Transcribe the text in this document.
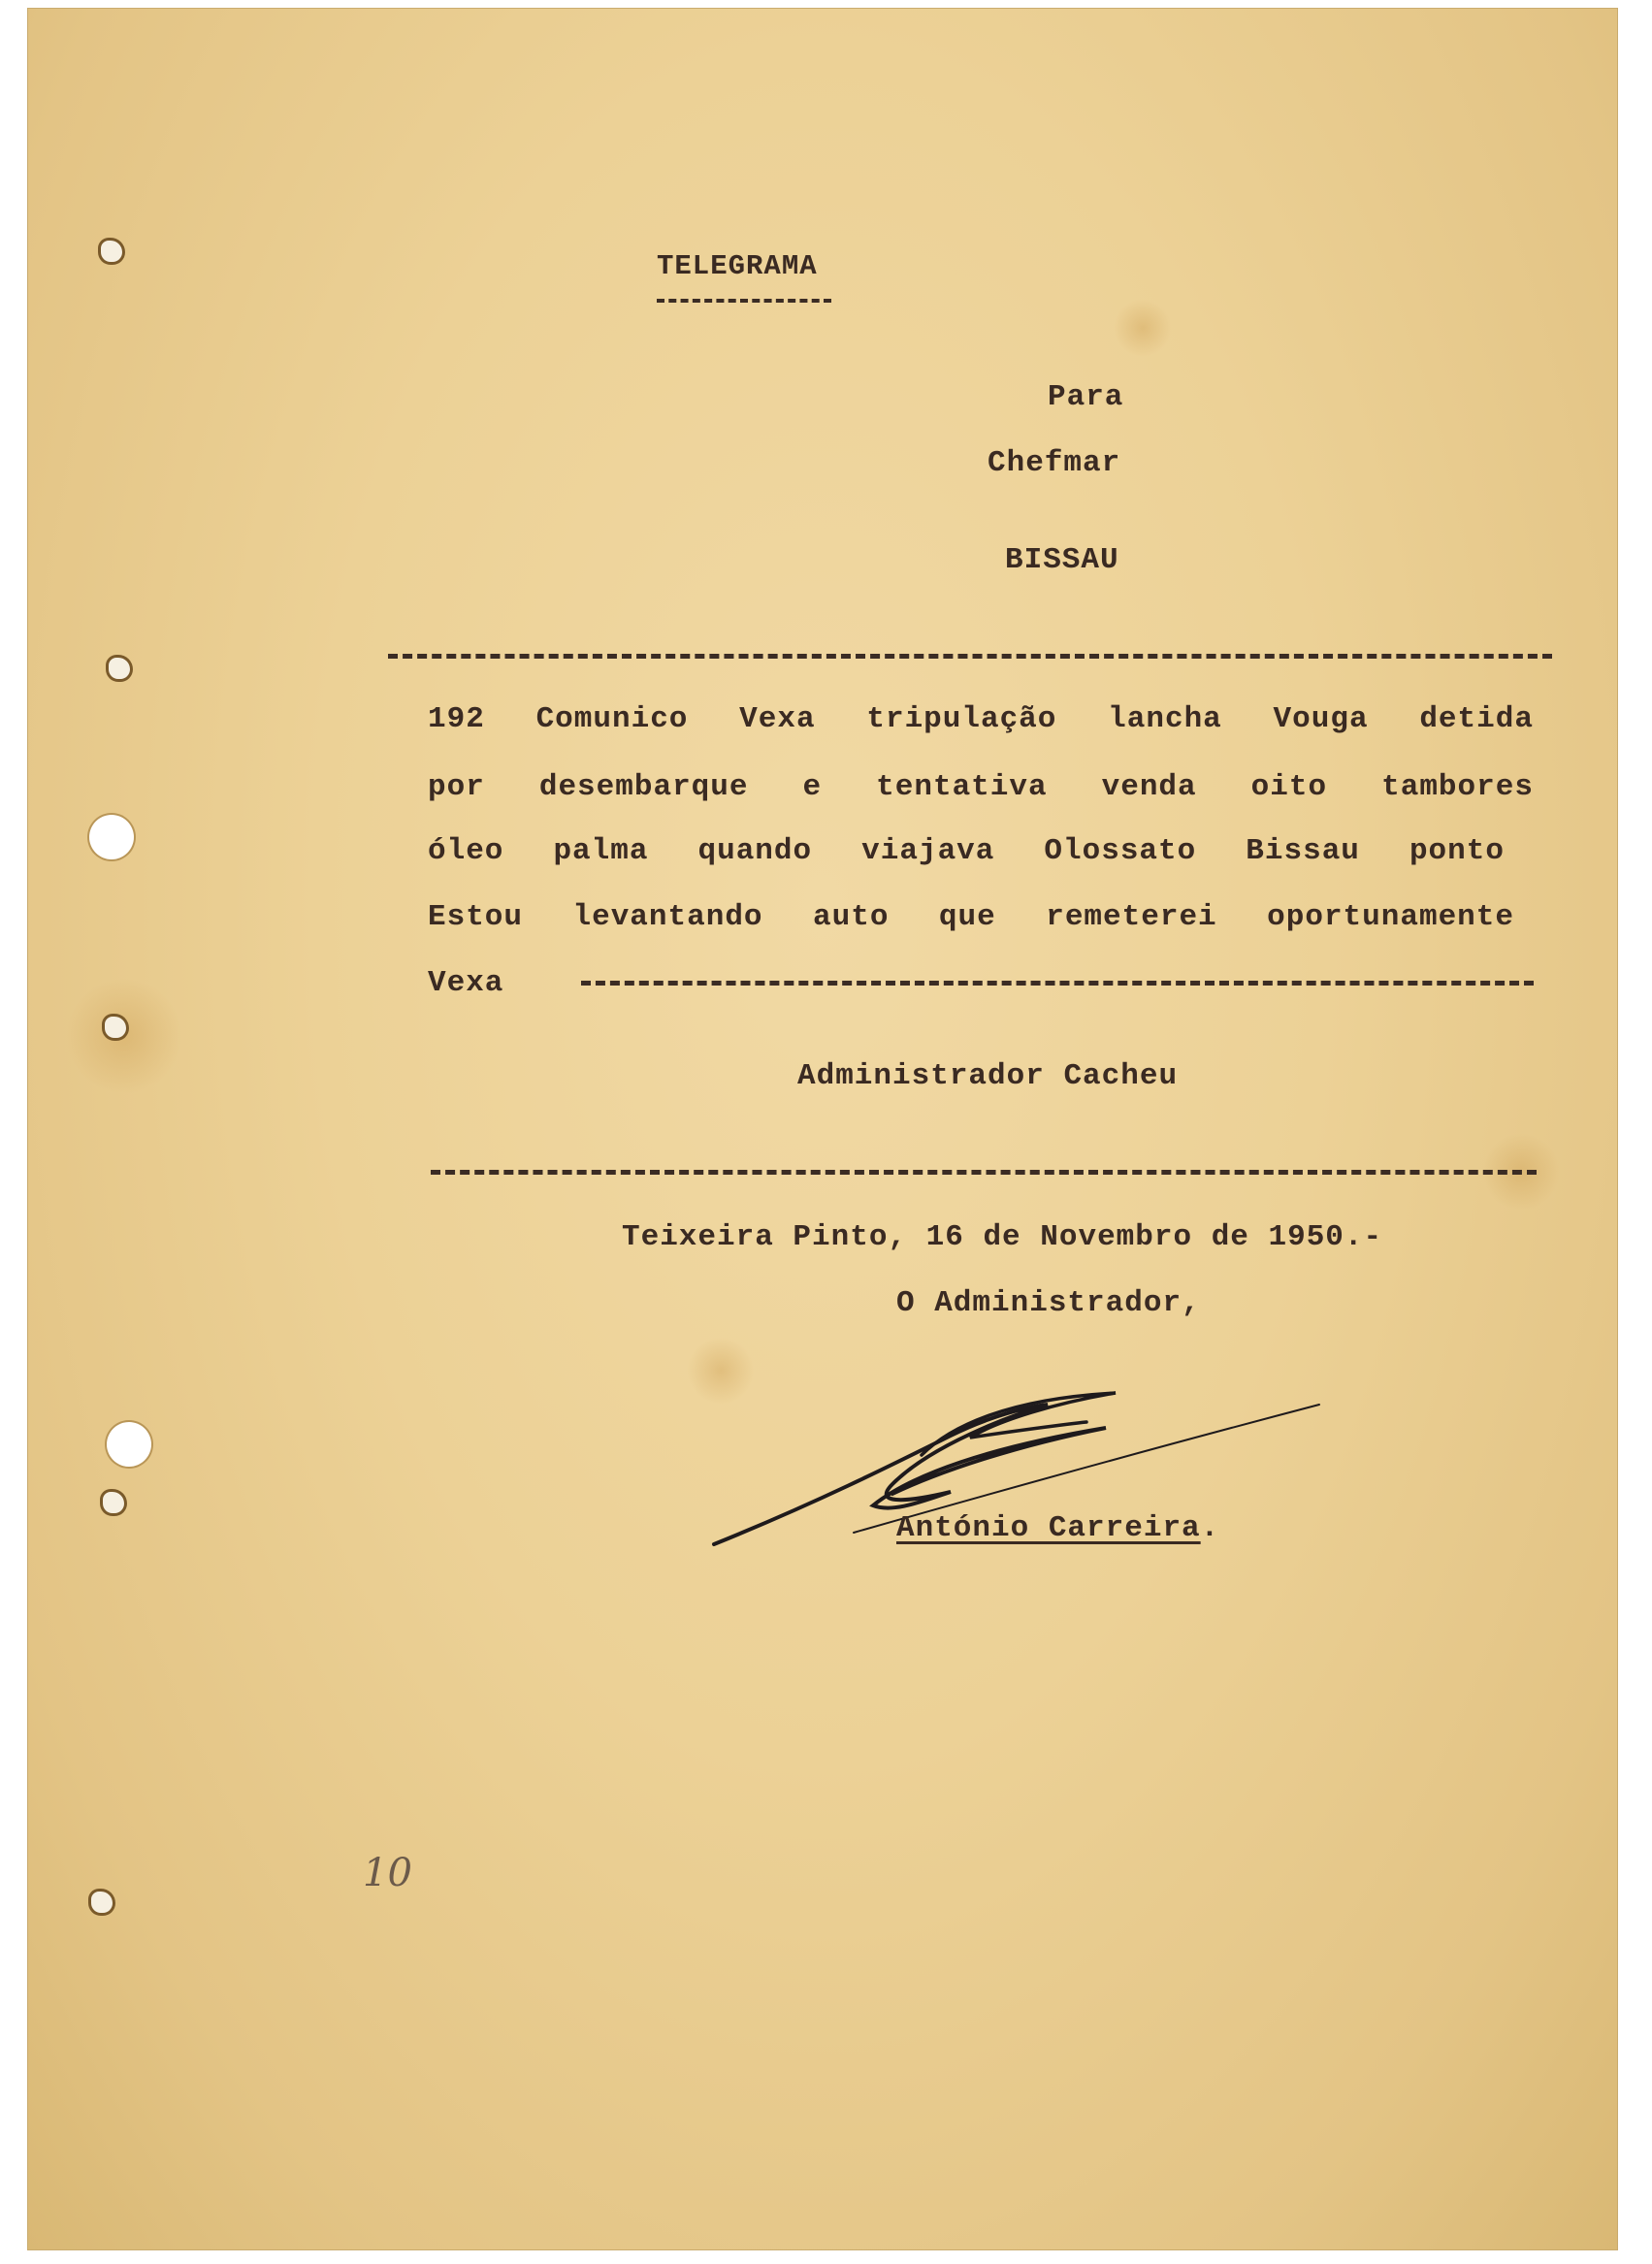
TELEGRAMA
Para
Chefmar
BISSAU
192 Comunico Vexa tripulação lancha Vouga detida
por desembarque e tentativa venda oito tambores
óleo palma quando viajava Olossato Bissau ponto
Estou levantando auto que remeterei oportunamente
Vexa
Administrador Cacheu
Teixeira Pinto, 16 de Novembro de 1950.-
O Administrador,
António Carreira.
10
